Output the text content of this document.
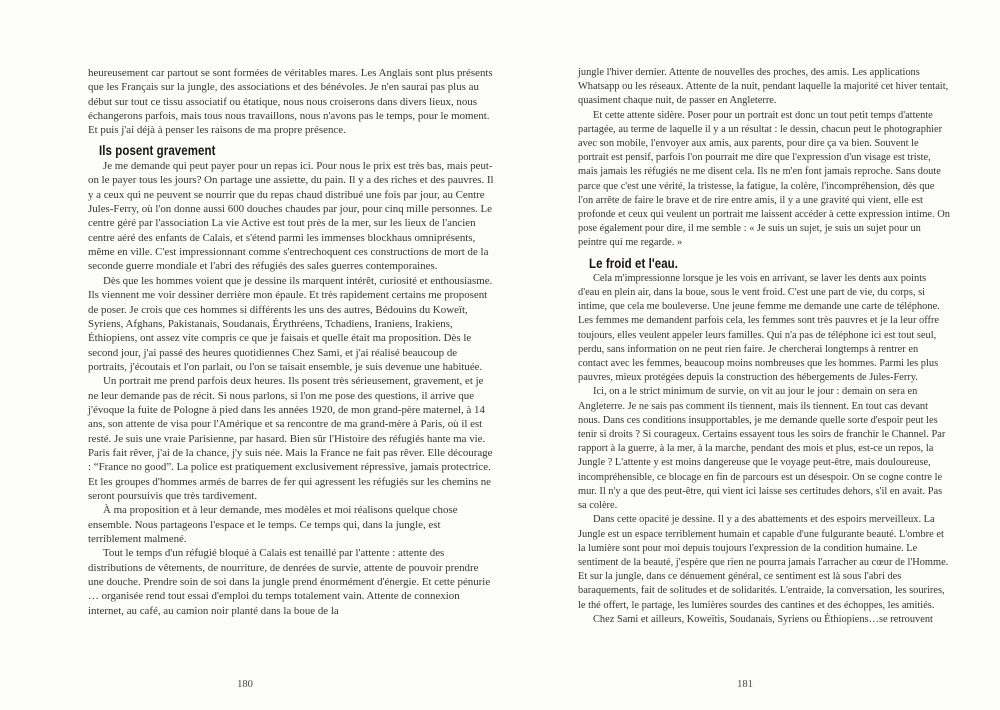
heureusement car partout se sont formées de véritables mares. Les Anglais sont plus présents que les Français sur la jungle, des associations et des bénévoles. Je n'en saurai pas plus au début sur tout ce tissu associatif ou étatique, nous nous croiserons dans divers lieux, nous échangerons parfois, mais tous nous travaillons, nous n'avons pas le temps, pour le moment. Et puis j'ai déjà à penser les raisons de ma propre présence.

Ils posent gravement

Je me demande qui peut payer pour un repas ici. Pour nous le prix est très bas, mais peut-on le payer tous les jours? On partage une assiette, du pain. Il y a des riches et des pauvres. Il y a ceux qui ne peuvent se nourrir que du repas chaud distribué une fois par jour, au Centre Jules-Ferry, où l'on donne aussi 600 douches chaudes par jour, pour cinq mille personnes. Le centre géré par l'association La vie Active est tout près de la mer, sur les lieux de l'ancien centre aéré des enfants de Calais, et s'étend parmi les immenses blockhaus omniprésents, même en ville. C'est impressionnant comme s'entrechoquent ces constructions de mort de la seconde guerre mondiale et l'abri des réfugiés des sales guerres contemporaines.

Dès que les hommes voient que je dessine ils marquent intérêt, curiosité et enthousiasme. Ils viennent me voir dessiner derrière mon épaule. Et très rapidement certains me proposent de poser. Je crois que ces hommes si différents les uns des autres, Bédouins du Koweït, Syriens, Afghans, Pakistanais, Soudanais, Érythréens, Tchadiens, Iraniens, Irakiens, Éthiopiens, ont assez vite compris ce que je faisais et quelle était ma proposition. Dès le second jour, j'ai passé des heures quotidiennes Chez Sami, et j'ai réalisé beaucoup de portraits, j'écoutais et l'on parlait, ou l'on se taisait ensemble, je suis devenue une habituée.

Un portrait me prend parfois deux heures. Ils posent très sérieusement, gravement, et je ne leur demande pas de récit. Si nous parlons, si l'on me pose des questions, il arrive que j'évoque la fuite de Pologne à pied dans les années 1920, de mon grand-père maternel, à 14 ans, son attente de visa pour l'Amérique et sa rencontre de ma grand-mère à Paris, où il est resté. Je suis une vraie Parisienne, par hasard. Bien sûr l'Histoire des réfugiés hante ma vie. Paris fait rêver, j'ai de la chance, j'y suis née. Mais la France ne fait pas rêver. Elle décourage : “France no good”. La police est pratiquement exclusivement répressive, jamais protectrice. Et les groupes d'hommes armés de barres de fer qui agressent les réfugiés sur les chemins ne seront poursuivis que très tardivement.

À ma proposition et à leur demande, mes modèles et moi réalisons quelque chose ensemble. Nous partageons l'espace et le temps. Ce temps qui, dans la jungle, est terriblement malmené.

Tout le temps d'un réfugié bloqué à Calais est tenaillé par l'attente : attente des distributions de vêtements, de nourriture, de denrées de survie, attente de pouvoir prendre une douche. Prendre soin de soi dans la jungle prend énormément d'énergie. Et cette pénurie … organisée rend tout essai d'emploi du temps totalement vain. Attente de connexion internet, au café, au camion noir planté dans la boue de la

jungle l'hiver dernier. Attente de nouvelles des proches, des amis. Les applications Whatsapp ou les réseaux. Attente de la nuit, pendant laquelle la majorité cet hiver tentait, quasiment chaque nuit, de passer en Angleterre.

Et cette attente sidère. Poser pour un portrait est donc un tout petit temps d'attente partagée, au terme de laquelle il y a un résultat : le dessin, chacun peut le photographier avec son mobile, l'envoyer aux amis, aux parents, pour dire ça va bien. Souvent le portrait est pensif, parfois l'on pourrait me dire que l'expression d'un visage est triste, mais jamais les réfugiés ne me disent cela. Ils ne m'en font jamais reproche. Sans doute parce que c'est une vérité, la tristesse, la fatigue, la colère, l'incompréhension, dès que l'on arrête de faire le brave et de rire entre amis, il y a une gravité qui vient, elle est profonde et ceux qui veulent un portrait me laissent accéder à cette expression intime. On pose également pour dire, il me semble : « Je suis un sujet, je suis un sujet pour un peintre qui me regarde. »

Le froid et l'eau.

Cela m'impressionne lorsque je les vois en arrivant, se laver les dents aux points d'eau en plein air, dans la boue, sous le vent froid. C'est une part de vie, du corps, si intime, que cela me bouleverse. Une jeune femme me demande une carte de téléphone. Les femmes me demandent parfois cela, les femmes sont très pauvres et je la leur offre toujours, elles veulent appeler leurs familles. Qui n'a pas de téléphone ici est tout seul, perdu, sans information on ne peut rien faire. Je chercherai longtemps à rentrer en contact avec les femmes, beaucoup moins nombreuses que les hommes. Parmi les plus pauvres, mieux protégées depuis la construction des hébergements de Jules-Ferry.

Ici, on a le strict minimum de survie, on vit au jour le jour : demain on sera en Angleterre. Je ne sais pas comment ils tiennent, mais ils tiennent. En tout cas devant nous. Dans ces conditions insupportables, je me demande quelle sorte d'espoir peut les tenir si droits ? Si courageux. Certains essayent tous les soirs de franchir le Channel. Par rapport à la guerre, à la mer, à la marche, pendant des mois et plus, est-ce un repos, la Jungle ? L'attente y est moins dangereuse que le voyage peut-être, mais douloureuse, incompréhensible, ce blocage en fin de parcours est un désespoir. On se cogne contre le mur. Il n'y a que des peut-être, qui vient ici laisse ses certitudes dehors, s'il en avait. Pas sa colère.

Dans cette opacité je dessine. Il y a des abattements et des espoirs merveilleux. La Jungle est un espace terriblement humain et capable d'une fulgurante beauté. L'ombre et la lumière sont pour moi depuis toujours l'expression de la condition humaine. Le sentiment de la beauté, j'espère que rien ne pourra jamais l'arracher au cœur de l'Homme. Et sur la jungle, dans ce dénuement général, ce sentiment est là sous l'abri des baraquements, fait de solitudes et de solidarités. L'entraide, la conversation, les sourires, le thé offert, le partage, les lumières sourdes des cantines et des échoppes, les amitiés.

Chez Sami et ailleurs, Koweïtis, Soudanais, Syriens ou Éthiopiens…se retrouvent

180	181
